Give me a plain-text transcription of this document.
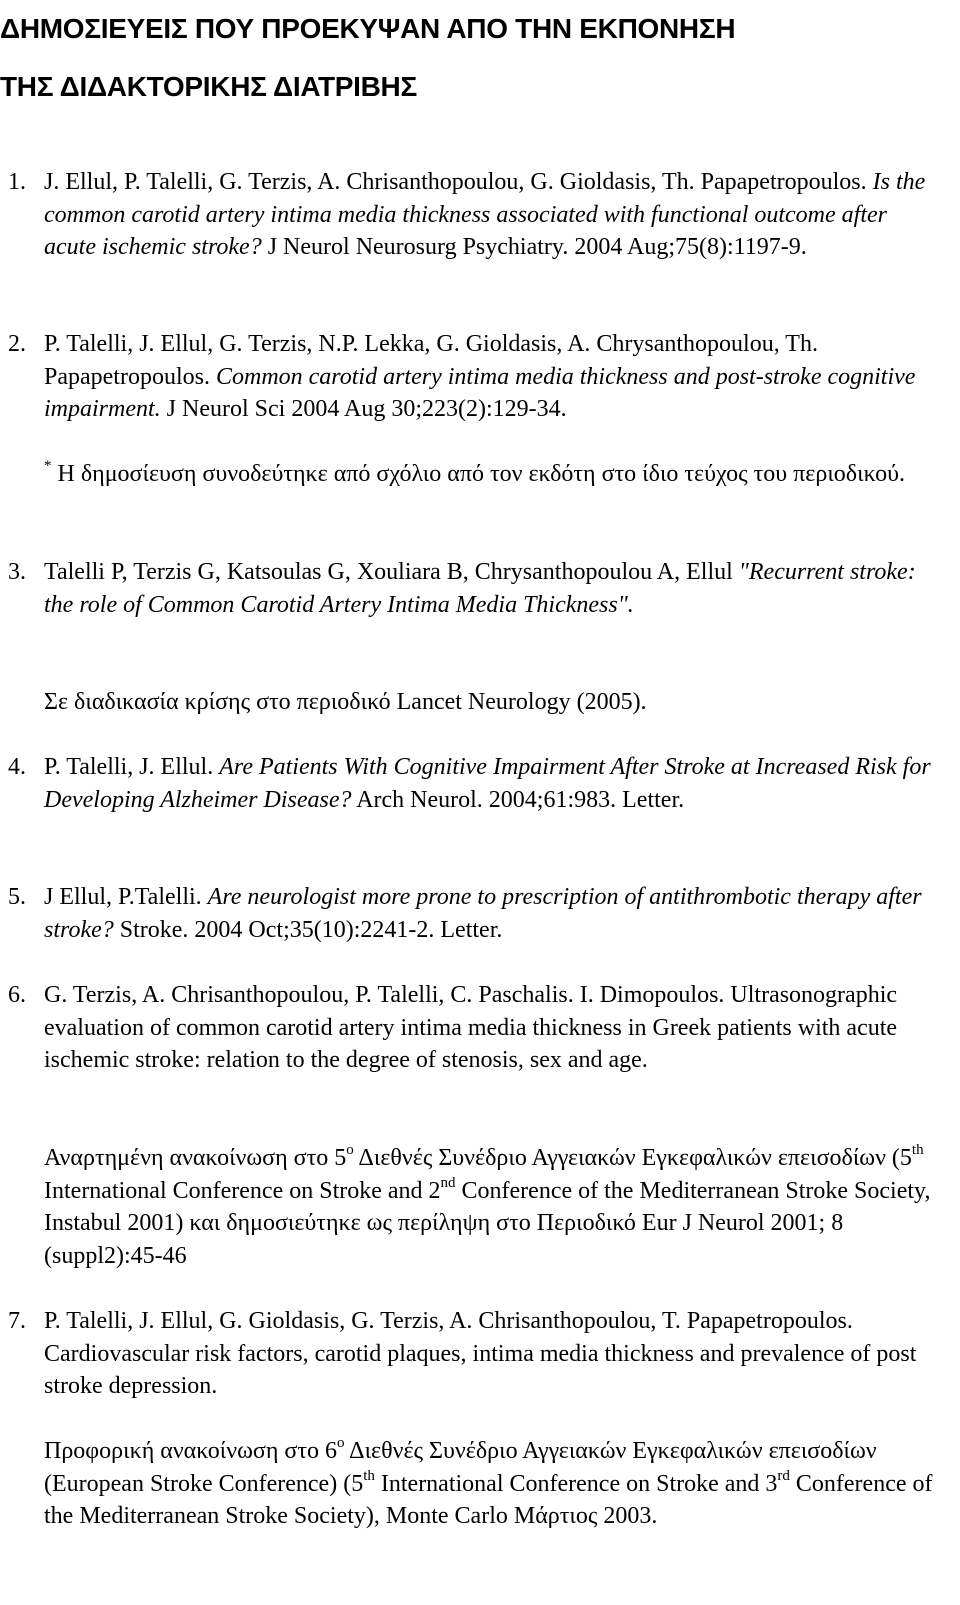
ΔΗΜΟΣΙΕΥΕΙΣ ΠΟΥ ΠΡΟΕΚΥΨΑΝ ΑΠΟ ΤΗΝ ΕΚΠΟΝΗΣΗ
ΤΗΣ ΔΙΔΑΚΤΟΡΙΚΗΣ ΔΙΑΤΡΙΒΗΣ
1. J. Ellul, P. Talelli, G. Terzis, A. Chrisanthopoulou, G. Gioldasis, Th. Papapetropoulos. Is the common carotid artery intima media thickness associated with functional outcome after acute ischemic stroke? J Neurol Neurosurg Psychiatry. 2004 Aug;75(8):1197-9.
2. P. Talelli, J. Ellul, G. Terzis, N.P. Lekka, G. Gioldasis, A. Chrysanthopoulou, Th. Papapetropoulos. Common carotid artery intima media thickness and post-stroke cognitive impairment. J Neurol Sci 2004 Aug 30;223(2):129-34.
* Η δημοσίευση συνοδεύτηκε από σχόλιο από τον εκδότη στο ίδιο τεύχος του περιοδικού.
3. Talelli P, Terzis G, Katsoulas G, Xouliara B, Chrysanthopoulou A, Ellul "Recurrent stroke: the role of Common Carotid Artery Intima Media Thickness".
Σε διαδικασία κρίσης στο περιοδικό Lancet Neurology (2005).
4. P. Talelli, J. Ellul. Are Patients With Cognitive Impairment After Stroke at Increased Risk for Developing Alzheimer Disease? Arch Neurol. 2004;61:983. Letter.
5. J Ellul, P.Talelli. Are neurologist more prone to prescription of antithrombotic therapy after stroke? Stroke. 2004 Oct;35(10):2241-2. Letter.
6. G. Terzis, A. Chrisanthopoulou, P. Talelli, C. Paschalis. I. Dimopoulos. Ultrasonographic evaluation of common carotid artery intima media thickness in Greek patients with acute ischemic stroke: relation to the degree of stenosis, sex and age.
Αναρτημένη ανακοίνωση στο $5^o$ Διεθνές Συνέδριο Αγγειακών Εγκεφαλικών επεισοδίων (5th International Conference on Stroke and 2nd Conference of the Mediterranean Stroke Society, Instabul 2001) και δημοσιεύτηκε ως περίληψη στο Περιοδικό Eur J Neurol 2001; 8 (suppl2):45-46
7. P. Talelli, J. Ellul, G. Gioldasis, G. Terzis, A. Chrisanthopoulou, T. Papapetropoulos. Cardiovascular risk factors, carotid plaques, intima media thickness and prevalence of post stroke depression.
Προφορική ανακοίνωση στο $6^o$ Διεθνές Συνέδριο Αγγειακών Εγκεφαλικών επεισοδίων (European Stroke Conference) (5th International Conference on Stroke and 3rd Conference of the Mediterranean Stroke Society), Monte Carlo Μάρτιος 2003.
